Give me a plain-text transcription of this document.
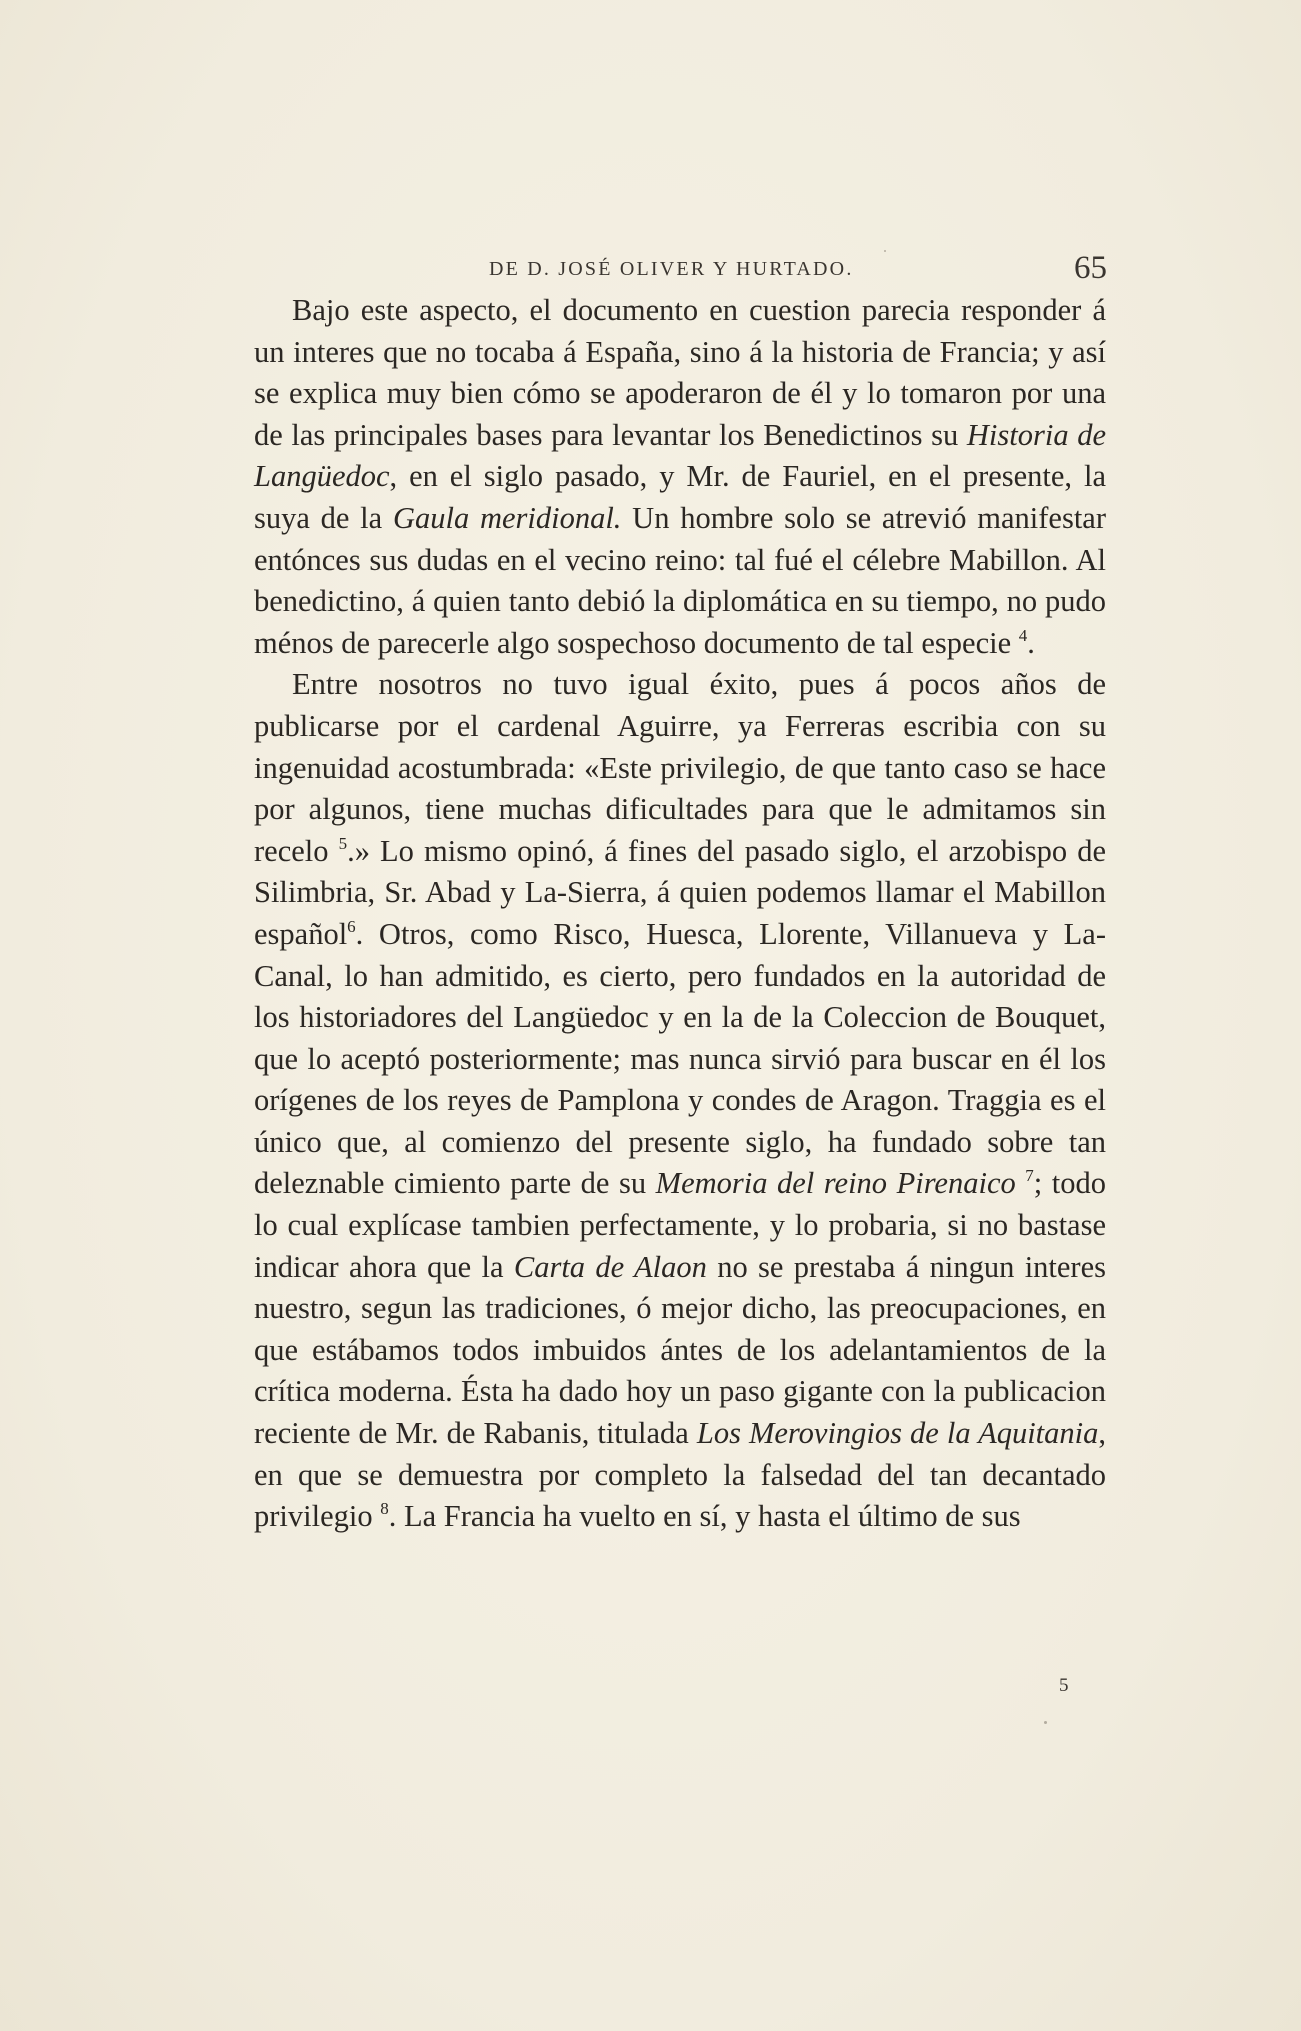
DE D. JOSÉ OLIVER Y HURTADO.	65

Bajo este aspecto, el documento en cuestion parecia responder á un interes que no tocaba á España, sino á la historia de Francia; y así se explica muy bien cómo se apoderaron de él y lo tomaron por una de las principales bases para levantar los Benedictinos su Historia de Langüedoc, en el siglo pasado, y Mr. de Fauriel, en el presente, la suya de la Gaula meridional. Un hombre solo se atrevió manifestar entónces sus dudas en el vecino reino: tal fué el célebre Mabillon. Al benedictino, á quien tanto debió la diplomática en su tiempo, no pudo ménos de parecerle algo sospechoso documento de tal especie $^4$.

Entre nosotros no tuvo igual éxito, pues á pocos años de publicarse por el cardenal Aguirre, ya Ferreras escribia con su ingenuidad acostumbrada: «Este privilegio, de que tanto caso se hace por algunos, tiene muchas dificultades para que le admitamos sin recelo $^5$.» Lo mismo opinó, á fines del pasado siglo, el arzobispo de Silimbria, Sr. Abad y La-Sierra, á quien podemos llamar el Mabillon español$^6$. Otros, como Risco, Huesca, Llorente, Villanueva y La-Canal, lo han admitido, es cierto, pero fundados en la autoridad de los historiadores del Langüedoc y en la de la Coleccion de Bouquet, que lo aceptó posteriormente; mas nunca sirvió para buscar en él los orígenes de los reyes de Pamplona y condes de Aragon. Traggia es el único que, al comienzo del presente siglo, ha fundado sobre tan deleznable cimiento parte de su Memoria del reino Pirenaico $^7$; todo lo cual explícase tambien perfectamente, y lo probaria, si no bastase indicar ahora que la Carta de Alaon no se prestaba á ningun interes nuestro, segun las tradiciones, ó mejor dicho, las preocupaciones, en que estábamos todos imbuidos ántes de los adelantamientos de la crítica moderna. Ésta ha dado hoy un paso gigante con la publicacion reciente de Mr. de Rabanis, titulada Los Merovingios de la Aquitania, en que se demuestra por completo la falsedad del tan decantado privilegio $^8$. La Francia ha vuelto en sí, y hasta el último de sus

5
